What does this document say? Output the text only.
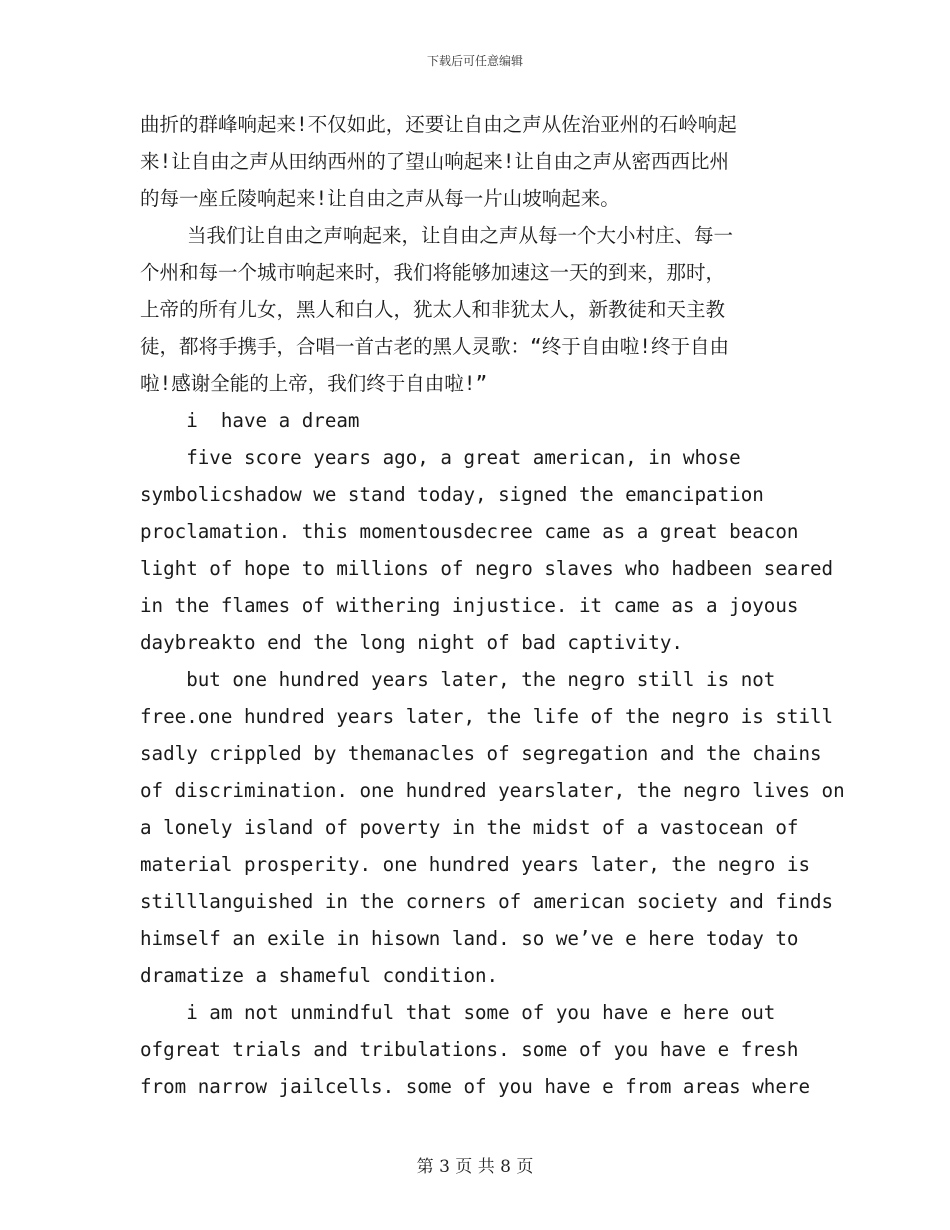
下载后可任意编辑
曲折的群峰响起来!不仅如此，还要让自由之声从佐治亚州的石岭响起
来!让自由之声从田纳西州的了望山响起来!让自由之声从密西西比州
的每一座丘陵响起来!让自由之声从每一片山坡响起来。
当我们让自由之声响起来，让自由之声从每一个大小村庄、每一
个州和每一个城市响起来时，我们将能够加速这一天的到来，那时，
上帝的所有儿女，黑人和白人，犹太人和非犹太人，新教徒和天主教
徒，都将手携手，合唱一首古老的黑人灵歌：“终于自由啦!终于自由
啦!感谢全能的上帝，我们终于自由啦!”
i  have a dream
five score years ago, a great american, in whose
symbolicshadow we stand today, signed the emancipation
proclamation. this momentousdecree came as a great beacon
light of hope to millions of negro slaves who hadbeen seared
in the flames of withering injustice. it came as a joyous
daybreakto end the long night of bad captivity.
but one hundred years later, the negro still is not
free.one hundred years later, the life of the negro is still
sadly crippled by themanacles of segregation and the chains
of discrimination. one hundred yearslater, the negro lives on
a lonely island of poverty in the midst of a vastocean of
material prosperity. one hundred years later, the negro is
stilllanguished in the corners of american society and finds
himself an exile in hisown land. so we’ve e here today to
dramatize a shameful condition.
i am not unmindful that some of you have e here out
ofgreat trials and tribulations. some of you have e fresh
from narrow jailcells. some of you have e from areas where
第 3 页 共 8 页
